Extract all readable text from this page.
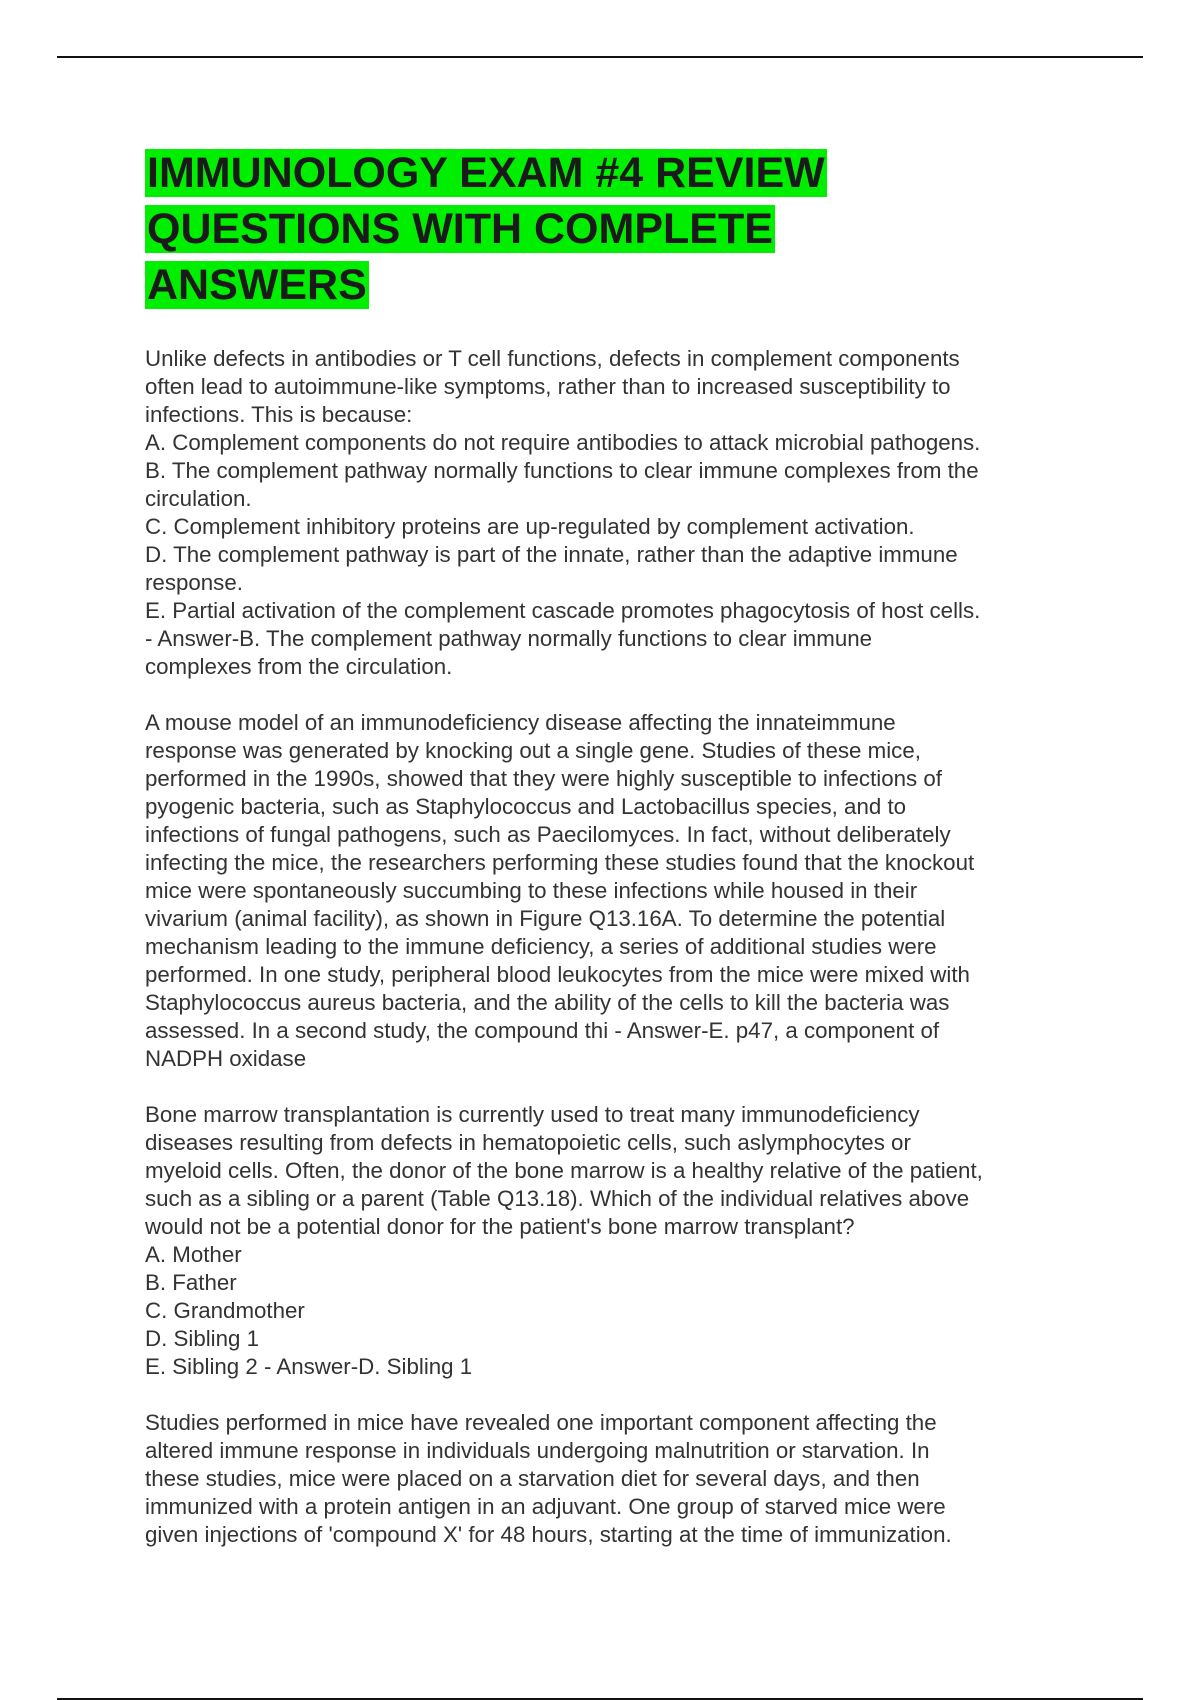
IMMUNOLOGY EXAM #4 REVIEW
QUESTIONS WITH COMPLETE
ANSWERS
Unlike defects in antibodies or T cell functions, defects in complement components
often lead to autoimmune-like symptoms, rather than to increased susceptibility to
infections. This is because:
A. Complement components do not require antibodies to attack microbial pathogens.
B. The complement pathway normally functions to clear immune complexes from the
circulation.
C. Complement inhibitory proteins are up-regulated by complement activation.
D. The complement pathway is part of the innate, rather than the adaptive immune
response.
E. Partial activation of the complement cascade promotes phagocytosis of host cells.
- Answer-B. The complement pathway normally functions to clear immune
complexes from the circulation.
A mouse model of an immunodeficiency disease affecting the innateimmune
response was generated by knocking out a single gene. Studies of these mice,
performed in the 1990s, showed that they were highly susceptible to infections of
pyogenic bacteria, such as Staphylococcus and Lactobacillus species, and to
infections of fungal pathogens, such as Paecilomyces. In fact, without deliberately
infecting the mice, the researchers performing these studies found that the knockout
mice were spontaneously succumbing to these infections while housed in their
vivarium (animal facility), as shown in Figure Q13.16A. To determine the potential
mechanism leading to the immune deficiency, a series of additional studies were
performed. In one study, peripheral blood leukocytes from the mice were mixed with
Staphylococcus aureus bacteria, and the ability of the cells to kill the bacteria was
assessed. In a second study, the compound thi - Answer-E. p47, a component of
NADPH oxidase
Bone marrow transplantation is currently used to treat many immunodeficiency
diseases resulting from defects in hematopoietic cells, such aslymphocytes or
myeloid cells. Often, the donor of the bone marrow is a healthy relative of the patient,
such as a sibling or a parent (Table Q13.18). Which of the individual relatives above
would not be a potential donor for the patient's bone marrow transplant?
A. Mother
B. Father
C. Grandmother
D. Sibling 1
E. Sibling 2 - Answer-D. Sibling 1
Studies performed in mice have revealed one important component affecting the
altered immune response in individuals undergoing malnutrition or starvation. In
these studies, mice were placed on a starvation diet for several days, and then
immunized with a protein antigen in an adjuvant. One group of starved mice were
given injections of 'compound X' for 48 hours, starting at the time of immunization.
